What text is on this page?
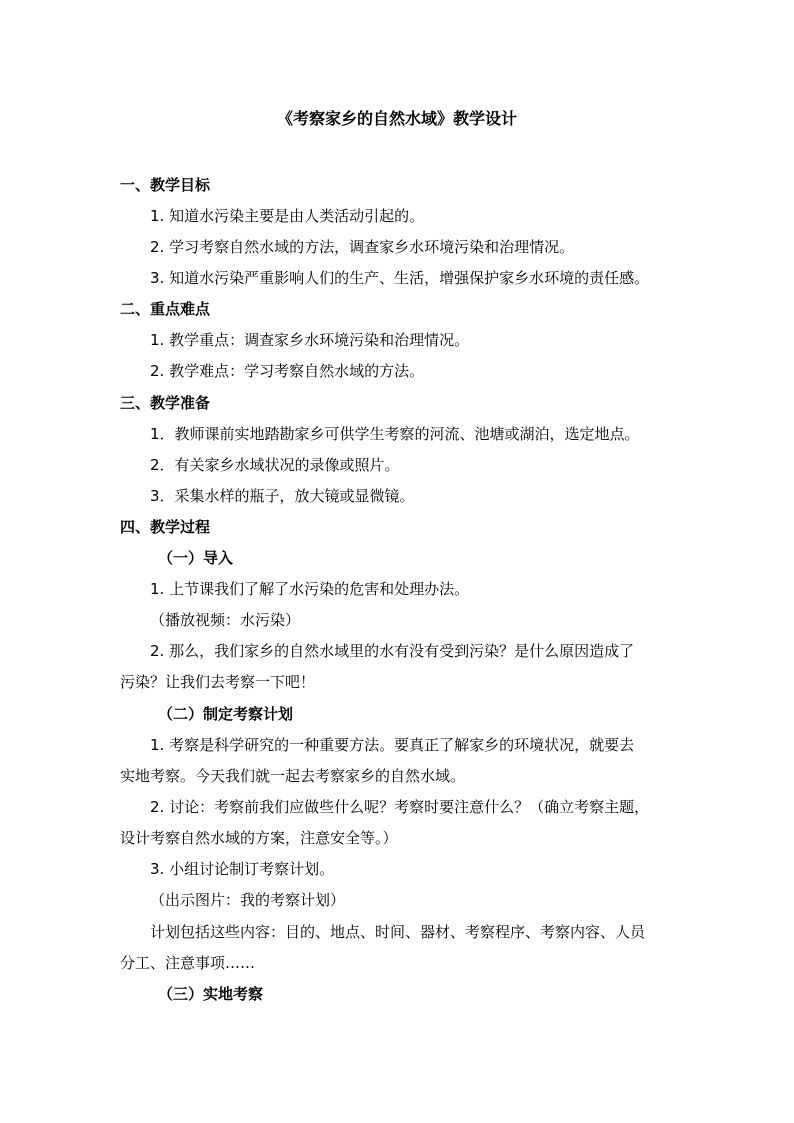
《考察家乡的自然水域》教学设计
一、教学目标
1. 知道水污染主要是由人类活动引起的。
2. 学习考察自然水域的方法，调查家乡水环境污染和治理情况。
3. 知道水污染严重影响人们的生产、生活，增强保护家乡水环境的责任感。
二、重点难点
1. 教学重点：调查家乡水环境污染和治理情况。
2. 教学难点：学习考察自然水域的方法。
三、教学准备
1．教师课前实地踏勘家乡可供学生考察的河流、池塘或湖泊，选定地点。
2．有关家乡水域状况的录像或照片。
3．采集水样的瓶子，放大镜或显微镜。
四、教学过程
（一）导入
1. 上节课我们了解了水污染的危害和处理办法。
（播放视频：水污染）
2. 那么，我们家乡的自然水域里的水有没有受到污染？是什么原因造成了
污染？让我们去考察一下吧！
（二）制定考察计划
1. 考察是科学研究的一种重要方法。要真正了解家乡的环境状况，就要去
实地考察。今天我们就一起去考察家乡的自然水域。
2. 讨论：考察前我们应做些什么呢？考察时要注意什么？（确立考察主题，
设计考察自然水域的方案，注意安全等。）
3. 小组讨论制订考察计划。
（出示图片：我的考察计划）
计划包括这些内容：目的、地点、时间、器材、考察程序、考察内容、人员
分工、注意事项……
（三）实地考察
